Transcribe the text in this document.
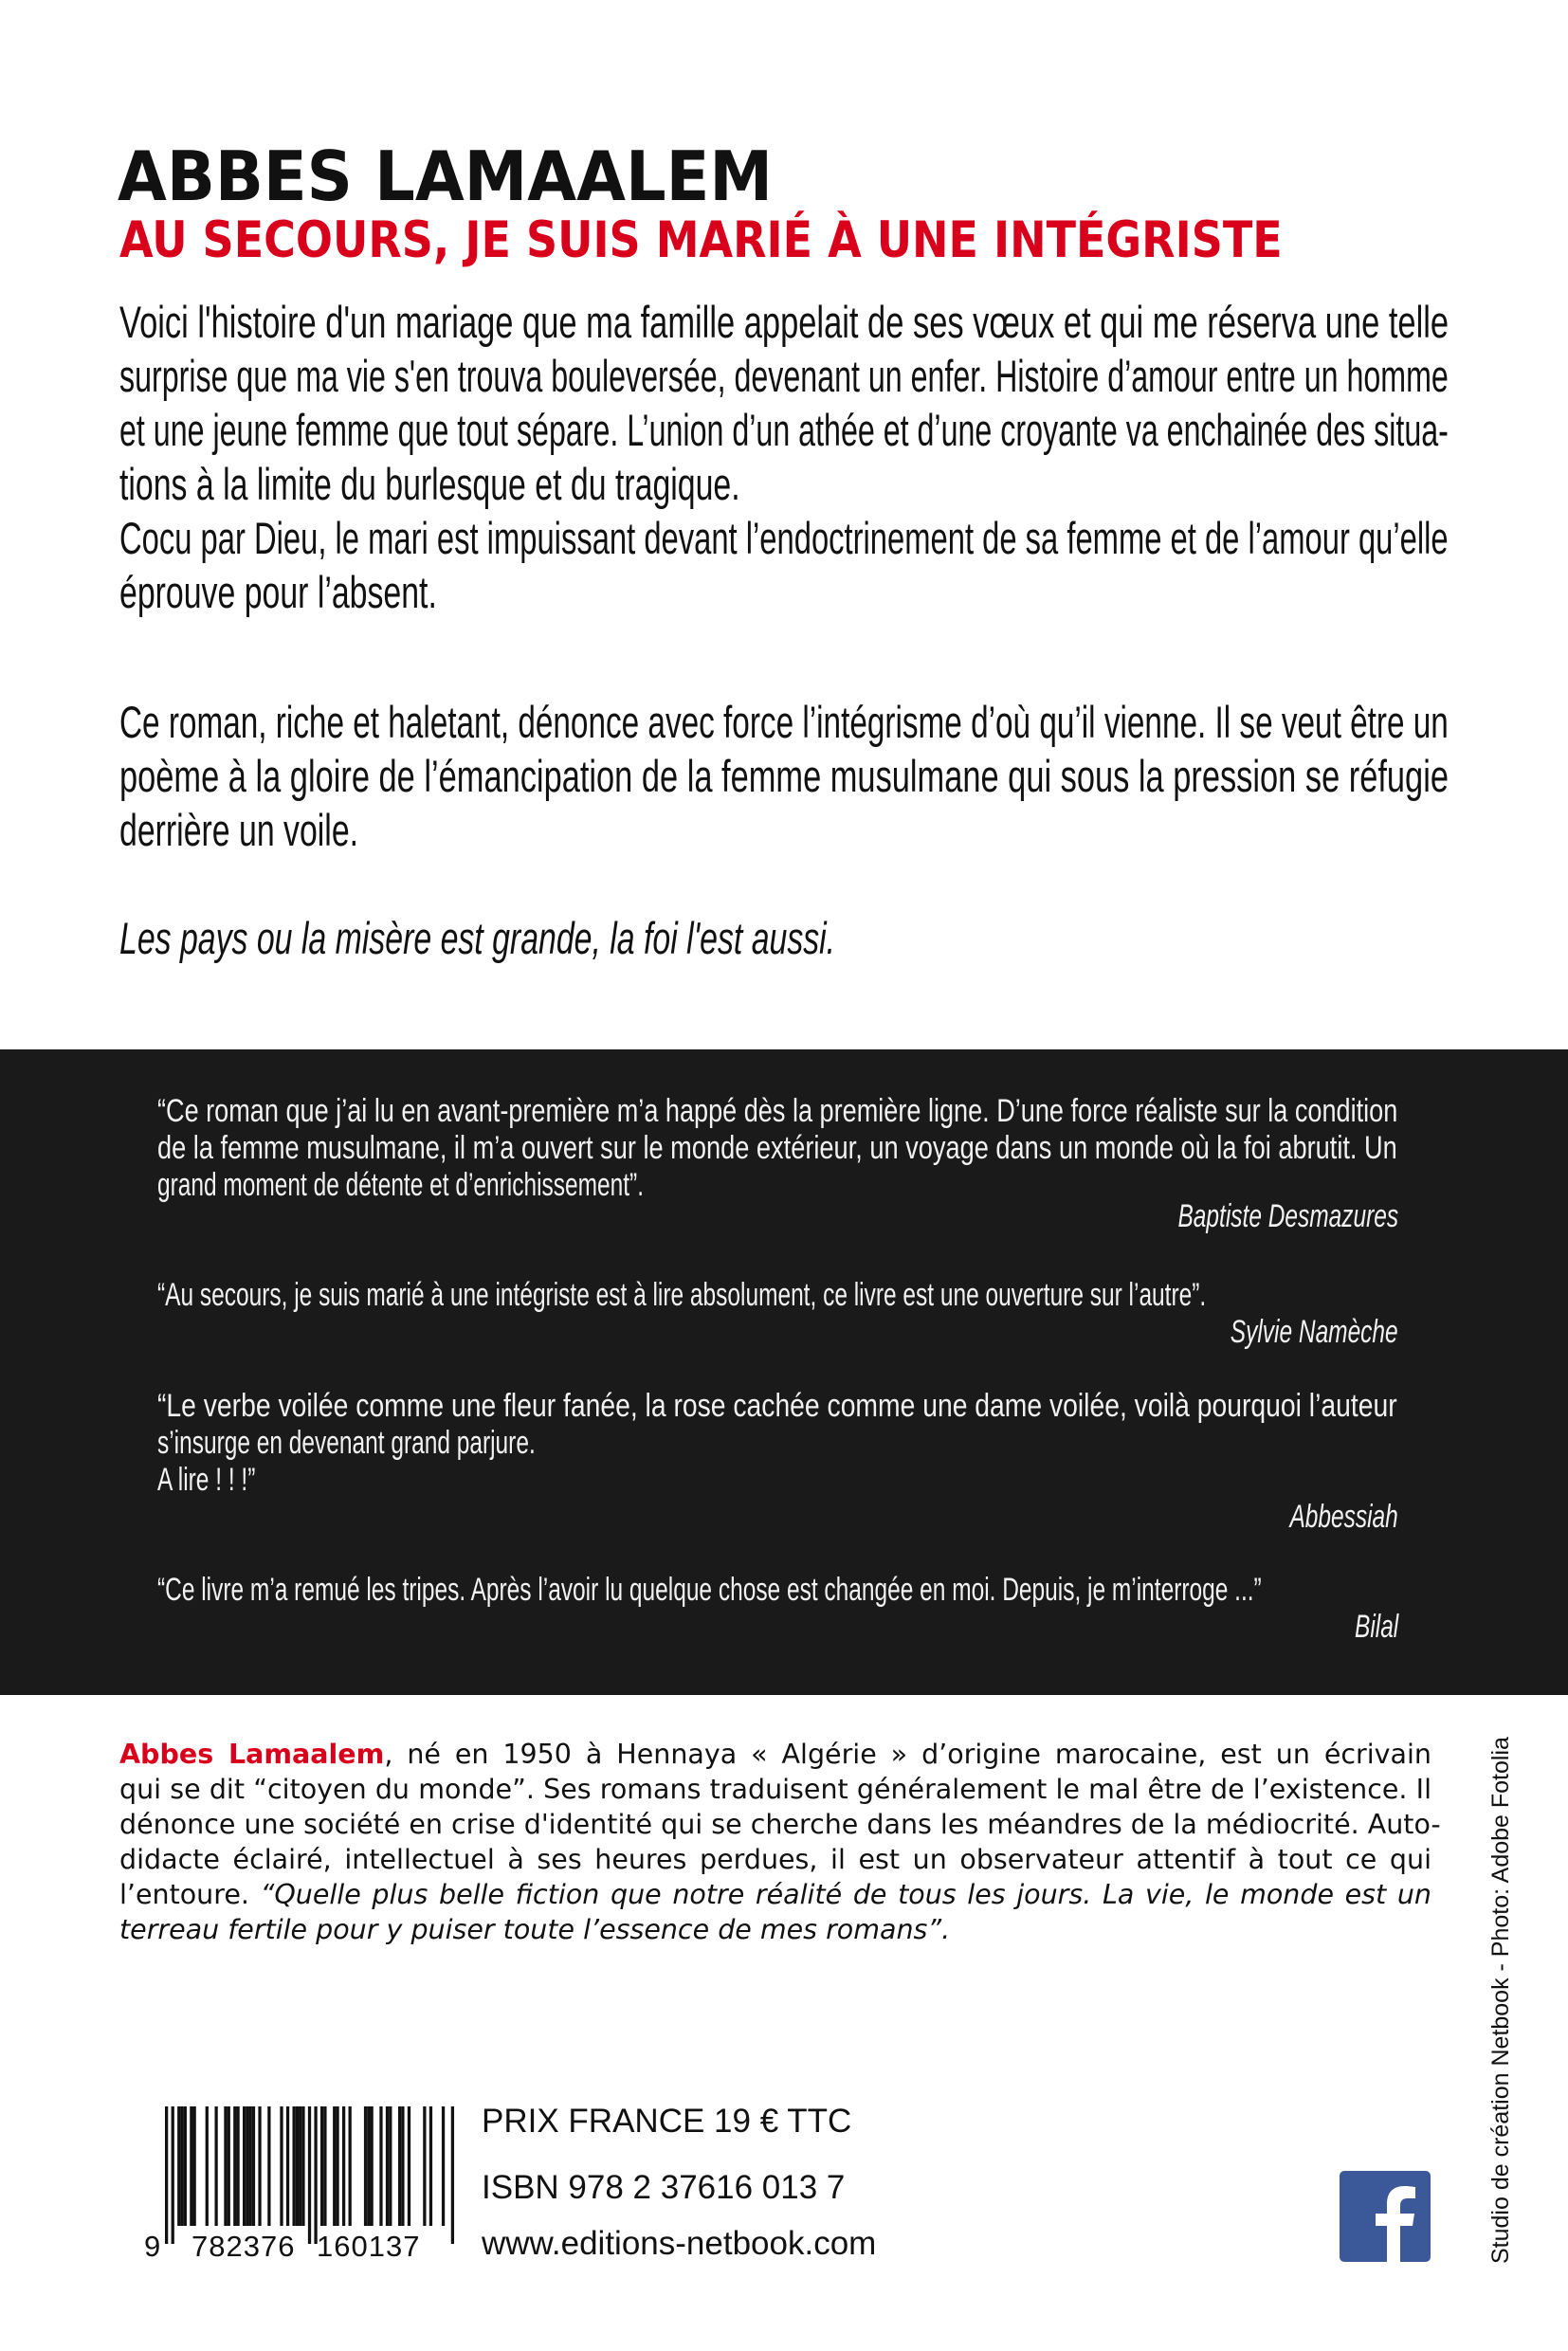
ABBES LAMAALEM
AU SECOURS, JE SUIS MARIÉ À UNE INTÉGRISTE
Voici l'histoire d'un mariage que ma famille appelait de ses vœux et qui me réserva une telle
surprise que ma vie s'en trouva bouleversée, devenant un enfer. Histoire d’amour entre un homme
et une jeune femme que tout sépare. L’union d’un athée et d’une croyante va enchainée des situa-
tions à la limite du burlesque et du tragique.
Cocu par Dieu, le mari est impuissant devant l’endoctrinement de sa femme et de l’amour qu’elle
éprouve pour l’absent.
Ce roman, riche et haletant, dénonce avec force l’intégrisme d’où qu’il vienne. Il se veut être un
poème à la gloire de l’émancipation de la femme musulmane qui sous la pression se réfugie
derrière un voile.
Les pays ou la misère est grande, la foi l'est aussi.
“Ce roman que j’ai lu en avant-première m’a happé dès la première ligne. D’une force réaliste sur la condition
de la femme musulmane, il m’a ouvert sur le monde extérieur, un voyage dans un monde où la foi abrutit. Un
grand moment de détente et d’enrichissement”.
Baptiste Desmazures
“Au secours, je suis marié à une intégriste est à lire absolument, ce livre est une ouverture sur l’autre”.
Sylvie Namèche
“Le verbe voilée comme une fleur fanée, la rose cachée comme une dame voilée, voilà pourquoi l’auteur
s’insurge en devenant grand parjure.
A lire ! ! !”
Abbessiah
“Ce livre m’a remué les tripes. Après l’avoir lu quelque chose est changée en moi. Depuis, je m’interroge ...”
Bilal
Abbes Lamaalem, né en 1950 à Hennaya « Algérie » d’origine marocaine, est un écrivain
qui se dit “citoyen du monde”. Ses romans traduisent généralement le mal être de l’existence. Il
dénonce une société en crise d'identité qui se cherche dans les méandres de la médiocrité. Auto-
didacte éclairé, intellectuel à ses heures perdues, il est un observateur attentif à tout ce qui
l’entoure. “Quelle plus belle fiction que notre réalité de tous les jours. La vie, le monde est un
terreau fertile pour y puiser toute l’essence de mes romans”.
9 782376 160137
PRIX FRANCE 19 € TTC
ISBN 978 2 37616 013 7
www.editions-netbook.com	Studio de création Netbook - Photo: Adobe Fotolia
